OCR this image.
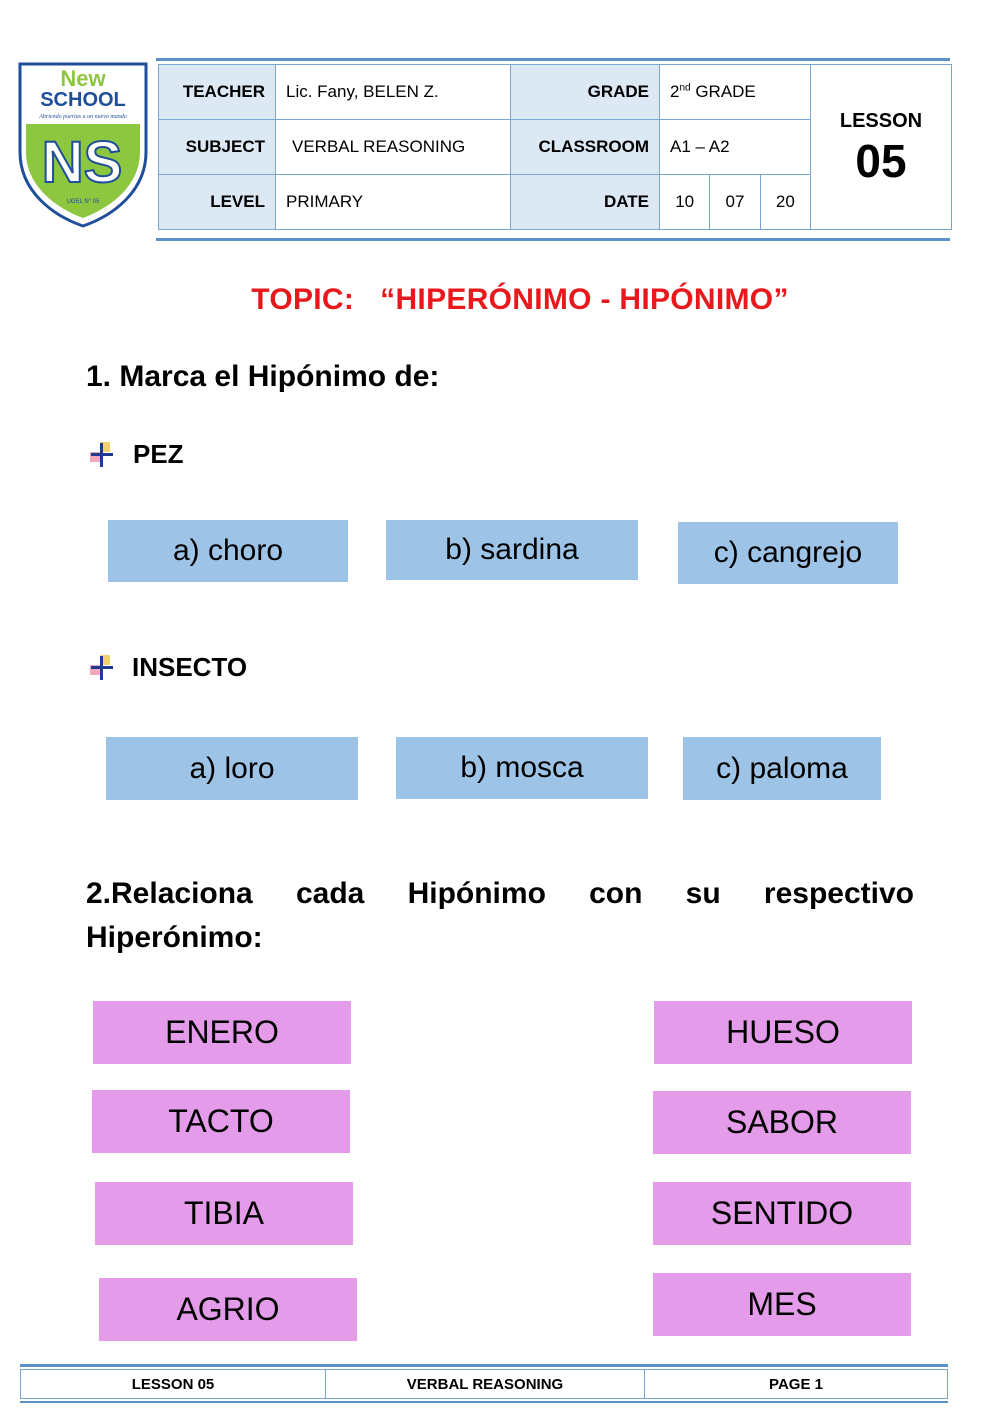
New
SCHOOL
Abriendo puertas a un nuevo mundo
NS
UGEL N° 05
TEACHER	Lic. Fany, BELEN Z.	GRADE	2nd GRADE			LESSON
05

SUBJECT	VERBAL REASONING	CLASSROOM	A1 – A2			
LEVEL	PRIMARY	DATE	10	07	20	
TOPIC: “HIPERÓNIMO - HIPÓNIMO”
1. Marca el Hipónimo de:
PEZ
a) choro	b) sardina	c) cangrejo
INSECTO
a) loro	b) mosca	c) paloma
2.Relaciona cada Hipónimo con su respectivo Hiperónimo:
ENERO
TACTO
TIBIA
AGRIO
HUESO
SABOR
SENTIDO
MES
LESSON 05	VERBAL REASONING	PAGE 1
